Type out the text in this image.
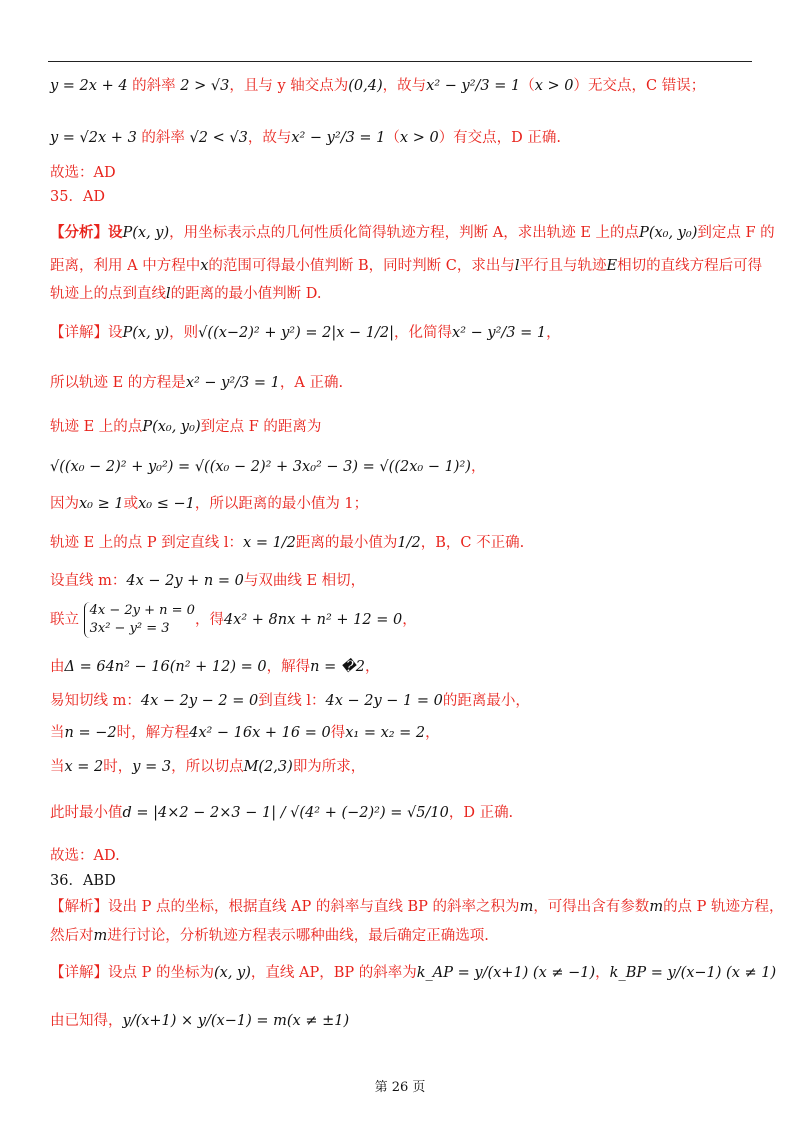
y = 2x + 4 的斜率 2 > √3，且与 y 轴交点为(0,4)，故与x² − y²/3 = 1（x > 0）无交点，C 错误；
y = √2x + 3 的斜率 √2 < √3，故与x² − y²/3 = 1（x > 0）有交点，D 正确.
故选：AD
35．AD
【分析】设P(x, y)，用坐标表示点的几何性质化简得轨迹方程，判断 A，求出轨迹 E 上的点P(x₀, y₀)到定点 F 的
距离，利用 A 中方程中x的范围可得最小值判断 B，同时判断 C，求出与l平行且与轨迹E相切的直线方程后可得
轨迹上的点到直线l的距离的最小值判断 D.
【详解】设P(x, y)，则√((x−2)² + y²) = 2|x − 1/2|，化简得x² − y²/3 = 1，
所以轨迹 E 的方程是x² − y²/3 = 1，A 正确.
轨迹 E 上的点P(x₀, y₀)到定点 F 的距离为
√((x₀ − 2)² + y₀²) = √((x₀ − 2)² + 3x₀² − 3) = √((2x₀ − 1)²)，
因为x₀ ≥ 1或x₀ ≤ −1，所以距离的最小值为 1；
轨迹 E 上的点 P 到定直线 l：x = 1/2距离的最小值为1/2，B，C 不正确.
设直线 m：4x − 2y + n = 0与双曲线 E 相切，
联立
4x − 2y + n = 0
3x² − y² = 3
，得4x² + 8nx + n² + 12 = 0，
由Δ = 64n² − 16(n² + 12) = 0，解得n = �2，
易知切线 m：4x − 2y − 2 = 0到直线 l：4x − 2y − 1 = 0的距离最小，
当n = −2时，解方程4x² − 16x + 16 = 0得x₁ = x₂ = 2，
当x = 2时，y = 3，所以切点M(2,3)即为所求，
此时最小值d = |4×2 − 2×3 − 1| / √(4² + (−2)²) = √5/10，D 正确.
故选：AD.
36．ABD
【解析】设出 P 点的坐标，根据直线 AP 的斜率与直线 BP 的斜率之积为m，可得出含有参数m的点 P 轨迹方程，
然后对m进行讨论，分析轨迹方程表示哪种曲线，最后确定正确选项.
【详解】设点 P 的坐标为(x, y)，直线 AP，BP 的斜率为k_AP = y/(x+1) (x ≠ −1)，k_BP = y/(x−1) (x ≠ 1)
由已知得，y/(x+1) × y/(x−1) = m(x ≠ ±1)
第 26 页
